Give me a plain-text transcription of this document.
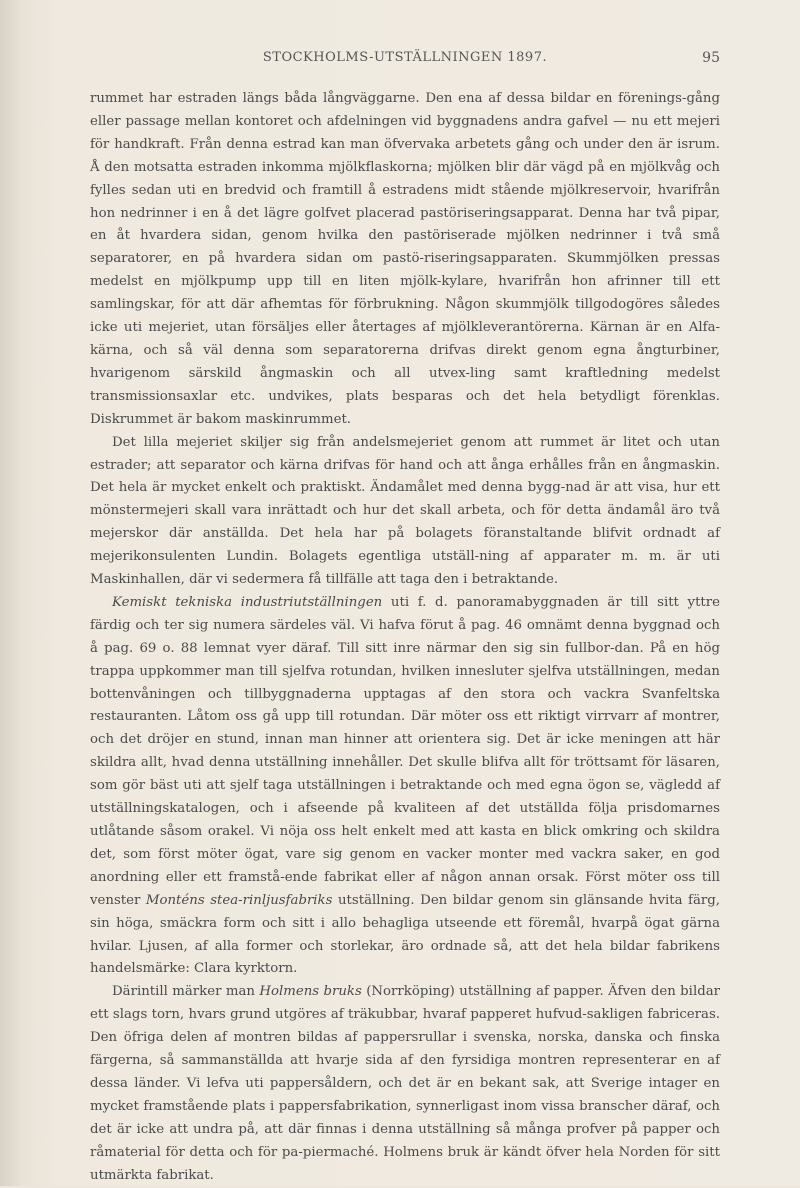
STOCKHOLMS-UTSTÄLLNINGEN 1897.	95

rummet har estraden längs båda långväggarne. Den ena af dessa bildar en förenings-gång eller passage mellan kontoret och afdelningen vid byggnadens andra gafvel — nu ett mejeri för handkraft. Från denna estrad kan man öfvervaka arbetets gång och under den är isrum. Å den motsatta estraden inkomma mjölkflaskorna; mjölken blir där vägd på en mjölkvåg och fylles sedan uti en bredvid och framtill å estradens midt stående mjölkreservoir, hvarifrån hon nedrinner i en å det lägre golfvet placerad pastöriseringsapparat. Denna har två pipar, en åt hvardera sidan, genom hvilka den pastöriserade mjölken nedrinner i två små separatorer, en på hvardera sidan om pastö-riseringsapparaten. Skummjölken pressas medelst en mjölkpump upp till en liten mjölk-kylare, hvarifrån hon afrinner till ett samlingskar, för att där afhemtas för förbrukning. Någon skummjölk tillgodogöres således icke uti mejeriet, utan försäljes eller återtages af mjölkleverantörerna. Kärnan är en Alfa-kärna, och så väl denna som separatorerna drifvas direkt genom egna ångturbiner, hvarigenom särskild ångmaskin och all utvex-ling samt kraftledning medelst transmissionsaxlar etc. undvikes, plats besparas och det hela betydligt förenklas. Diskrummet är bakom maskinrummet.

Det lilla mejeriet skiljer sig från andelsmejeriet genom att rummet är litet och utan estrader; att separator och kärna drifvas för hand och att ånga erhålles från en ångmaskin. Det hela är mycket enkelt och praktiskt. Ändamålet med denna bygg-nad är att visa, hur ett mönstermejeri skall vara inrättadt och hur det skall arbeta, och för detta ändamål äro två mejerskor där anställda. Det hela har på bolagets föranstaltande blifvit ordnadt af mejerikonsulenten Lundin. Bolagets egentliga utställ-ning af apparater m. m. är uti Maskinhallen, där vi sedermera få tillfälle att taga den i betraktande.

Kemiskt tekniska industriutställningen uti f. d. panoramabyggnaden är till sitt yttre färdig och ter sig numera särdeles väl. Vi hafva förut å pag. 46 omnämt denna byggnad och å pag. 69 o. 88 lemnat vyer däraf. Till sitt inre närmar den sig sin fullbor-dan. På en hög trappa uppkommer man till sjelfva rotundan, hvilken innesluter sjelfva utställningen, medan bottenvåningen och tillbyggnaderna upptagas af den stora och vackra Svanfeltska restauranten. Låtom oss gå upp till rotundan. Där möter oss ett riktigt virrvarr af montrer, och det dröjer en stund, innan man hinner att orientera sig. Det är icke meningen att här skildra allt, hvad denna utställning innehåller. Det skulle blifva allt för tröttsamt för läsaren, som gör bäst uti att sjelf taga utställningen i betraktande och med egna ögon se, vägledd af utställningskatalogen, och i afseende på kvaliteen af det utställda följa prisdomarnes utlåtande såsom orakel. Vi nöja oss helt enkelt med att kasta en blick omkring och skildra det, som först möter ögat, vare sig genom en vacker monter med vackra saker, en god anordning eller ett framstå-ende fabrikat eller af någon annan orsak. Först möter oss till venster Monténs stea-rinljusfabriks utställning. Den bildar genom sin glänsande hvita färg, sin höga, smäckra form och sitt i allo behagliga utseende ett föremål, hvarpå ögat gärna hvilar. Ljusen, af alla former och storlekar, äro ordnade så, att det hela bildar fabrikens handelsmärke: Clara kyrktorn.

Därintill märker man Holmens bruks (Norrköping) utställning af papper. Äfven den bildar ett slags torn, hvars grund utgöres af träkubbar, hvaraf papperet hufvud-sakligen fabriceras. Den öfriga delen af montren bildas af pappersrullar i svenska, norska, danska och finska färgerna, så sammanställda att hvarje sida af den fyrsidiga montren representerar en af dessa länder. Vi lefva uti pappersåldern, och det är en bekant sak, att Sverige intager en mycket framstående plats i pappersfabrikation, synnerligast inom vissa branscher däraf, och det är icke att undra på, att där finnas i denna utställning så många profver på papper och råmaterial för detta och för pa-piermaché. Holmens bruk är kändt öfver hela Norden för sitt utmärkta fabrikat.
